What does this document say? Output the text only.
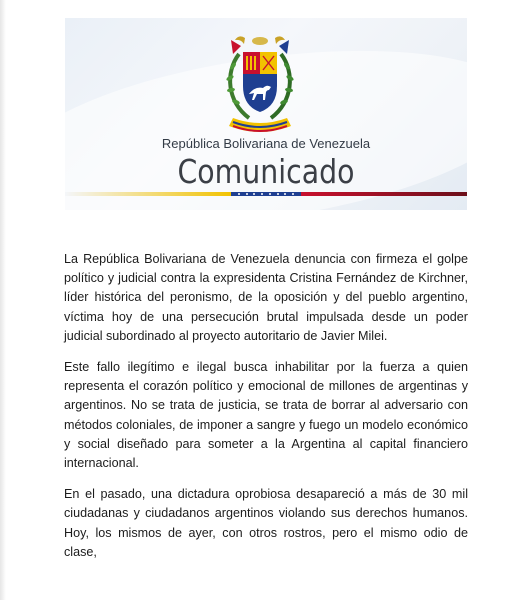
República Bolivariana de Venezuela
Comunicado

La República Bolivariana de Venezuela denuncia con firmeza el golpe político y judicial contra la expresidenta Cristina Fernández de Kirchner, líder histórica del peronismo, de la oposición y del pueblo argentino, víctima hoy de una persecución brutal impulsada desde un poder judicial subordinado al proyecto autoritario de Javier Milei.

Este fallo ilegítimo e ilegal busca inhabilitar por la fuerza a quien representa el corazón político y emocional de millones de argentinas y argentinos. No se trata de justicia, se trata de borrar al adversario con métodos coloniales, de imponer a sangre y fuego un modelo económico y social diseñado para someter a la Argentina al capital financiero internacional.

En el pasado, una dictadura oprobiosa desapareció a más de 30 mil ciudadanas y ciudadanos argentinos violando sus derechos humanos. Hoy, los mismos de ayer, con otros rostros, pero el mismo odio de clase,
